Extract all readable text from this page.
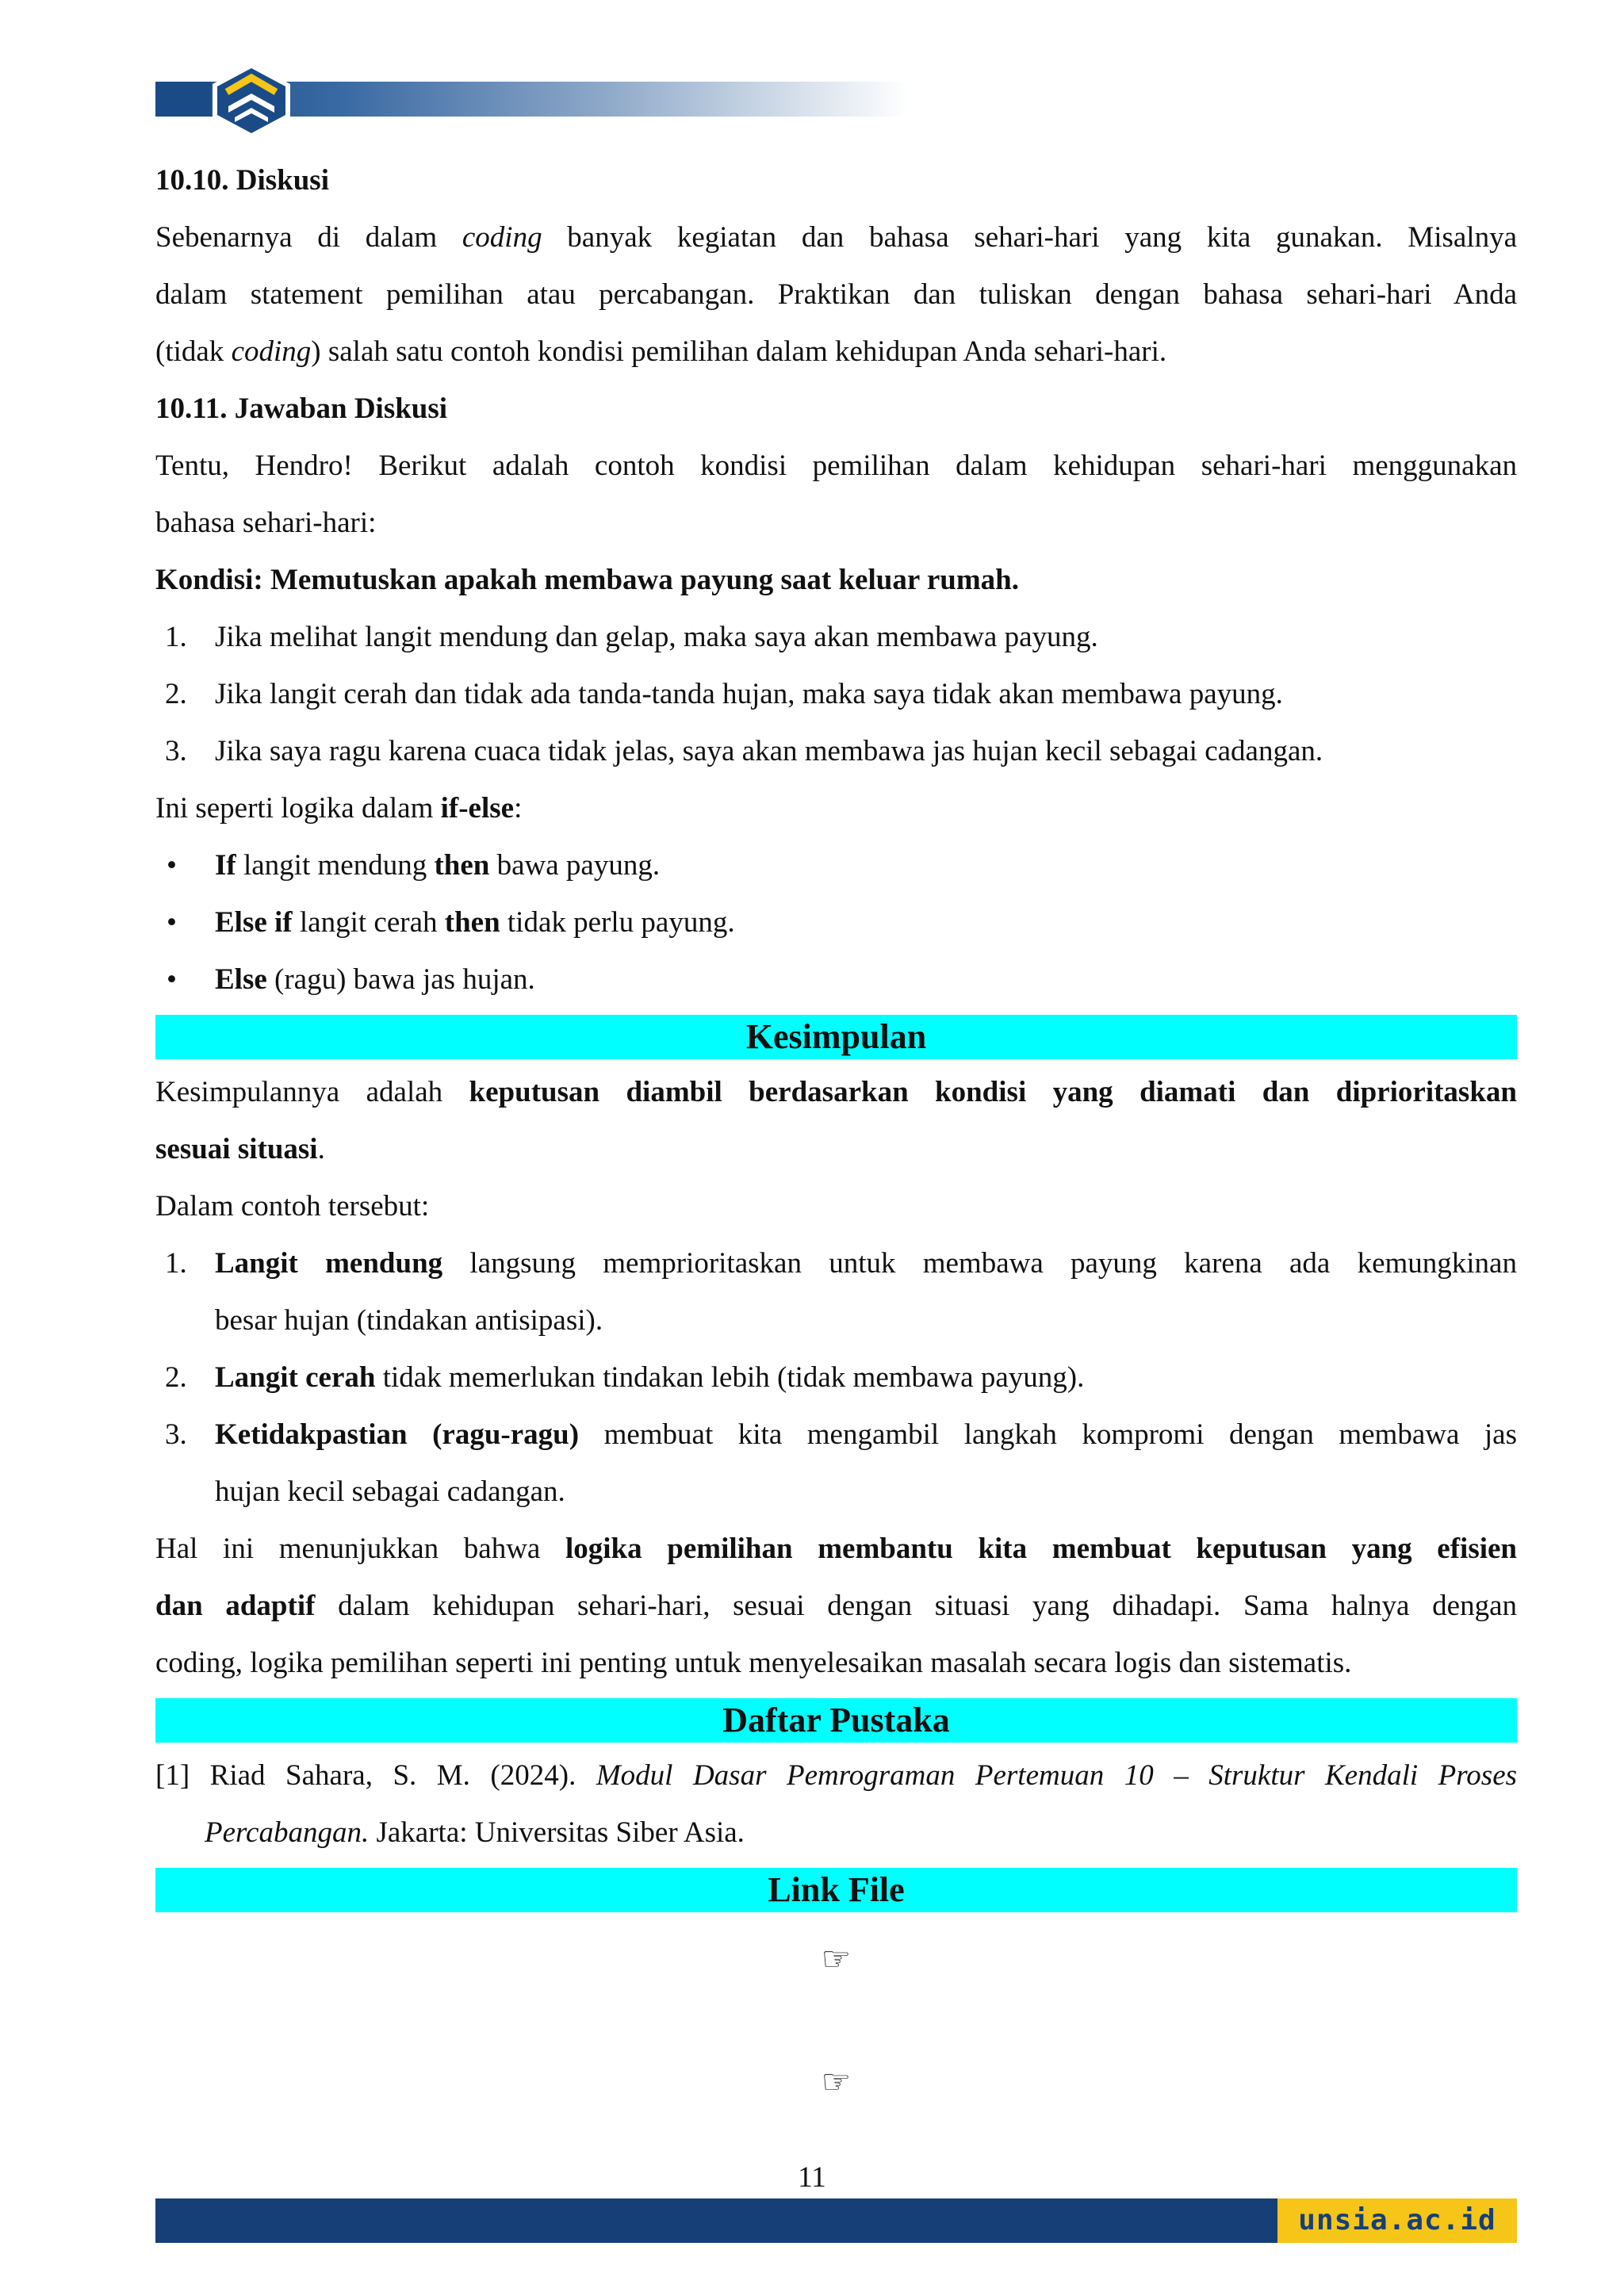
10.10. Diskusi

Sebenarnya di dalam coding banyak kegiatan dan bahasa sehari-hari yang kita gunakan. Misalnya

dalam statement pemilihan atau percabangan. Praktikan dan tuliskan dengan bahasa sehari-hari Anda

(tidak coding) salah satu contoh kondisi pemilihan dalam kehidupan Anda sehari-hari.

10.11. Jawaban Diskusi

Tentu, Hendro! Berikut adalah contoh kondisi pemilihan dalam kehidupan sehari-hari menggunakan

bahasa sehari-hari:

Kondisi: Memutuskan apakah membawa payung saat keluar rumah.

1. Jika melihat langit mendung dan gelap, maka saya akan membawa payung.
2. Jika langit cerah dan tidak ada tanda-tanda hujan, maka saya tidak akan membawa payung.
3. Jika saya ragu karena cuaca tidak jelas, saya akan membawa jas hujan kecil sebagai cadangan.

Ini seperti logika dalam if-else:

• If langit mendung then bawa payung.
• Else if langit cerah then tidak perlu payung.
• Else (ragu) bawa jas hujan.
Kesimpulan

Kesimpulannya adalah keputusan diambil berdasarkan kondisi yang diamati dan diprioritaskan

sesuai situasi.

Dalam contoh tersebut:

1. Langit mendung langsung memprioritaskan untuk membawa payung karena ada kemungkinan
besar hujan (tindakan antisipasi).
2. Langit cerah tidak memerlukan tindakan lebih (tidak membawa payung).
3. Ketidakpastian (ragu-ragu) membuat kita mengambil langkah kompromi dengan membawa jas
hujan kecil sebagai cadangan.

Hal ini menunjukkan bahwa logika pemilihan membantu kita membuat keputusan yang efisien

dan adaptif dalam kehidupan sehari-hari, sesuai dengan situasi yang dihadapi. Sama halnya dengan

coding, logika pemilihan seperti ini penting untuk menyelesaikan masalah secara logis dan sistematis.

Daftar Pustaka

[1] Riad Sahara, S. M. (2024). Modul Dasar Pemrograman Pertemuan 10 – Struktur Kendali Proses

Percabangan. Jakarta: Universitas Siber Asia.

Link File
☞
☞
11
unsia.ac.id
